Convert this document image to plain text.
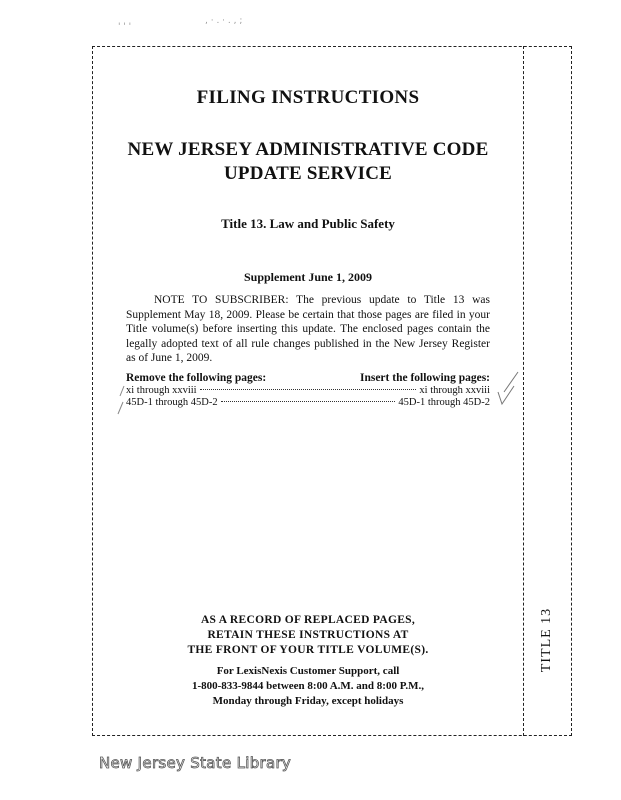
' ' '
, · . · . , ;
FILING INSTRUCTIONS
NEW JERSEY ADMINISTRATIVE CODE
UPDATE SERVICE
Title 13. Law and Public Safety
Supplement June 1, 2009
NOTE TO SUBSCRIBER: The previous update to Title 13 was Supplement May 18, 2009. Please be certain that those pages are filed in your Title volume(s) before inserting this update. The enclosed pages contain the legally adopted text of all rule changes published in the New Jersey Register as of June 1, 2009.
Remove the following pages:	Insert the following pages:
xi through xxviii	xi through xxviii
45D-1 through 45D-2	45D-1 through 45D-2
AS A RECORD OF REPLACED PAGES,
RETAIN THESE INSTRUCTIONS AT
THE FRONT OF YOUR TITLE VOLUME(S).
For LexisNexis Customer Support, call
1-800-833-9844 between 8:00 A.M. and 8:00 P.M.,
Monday through Friday, except holidays
TITLE 13
New Jersey State Library
